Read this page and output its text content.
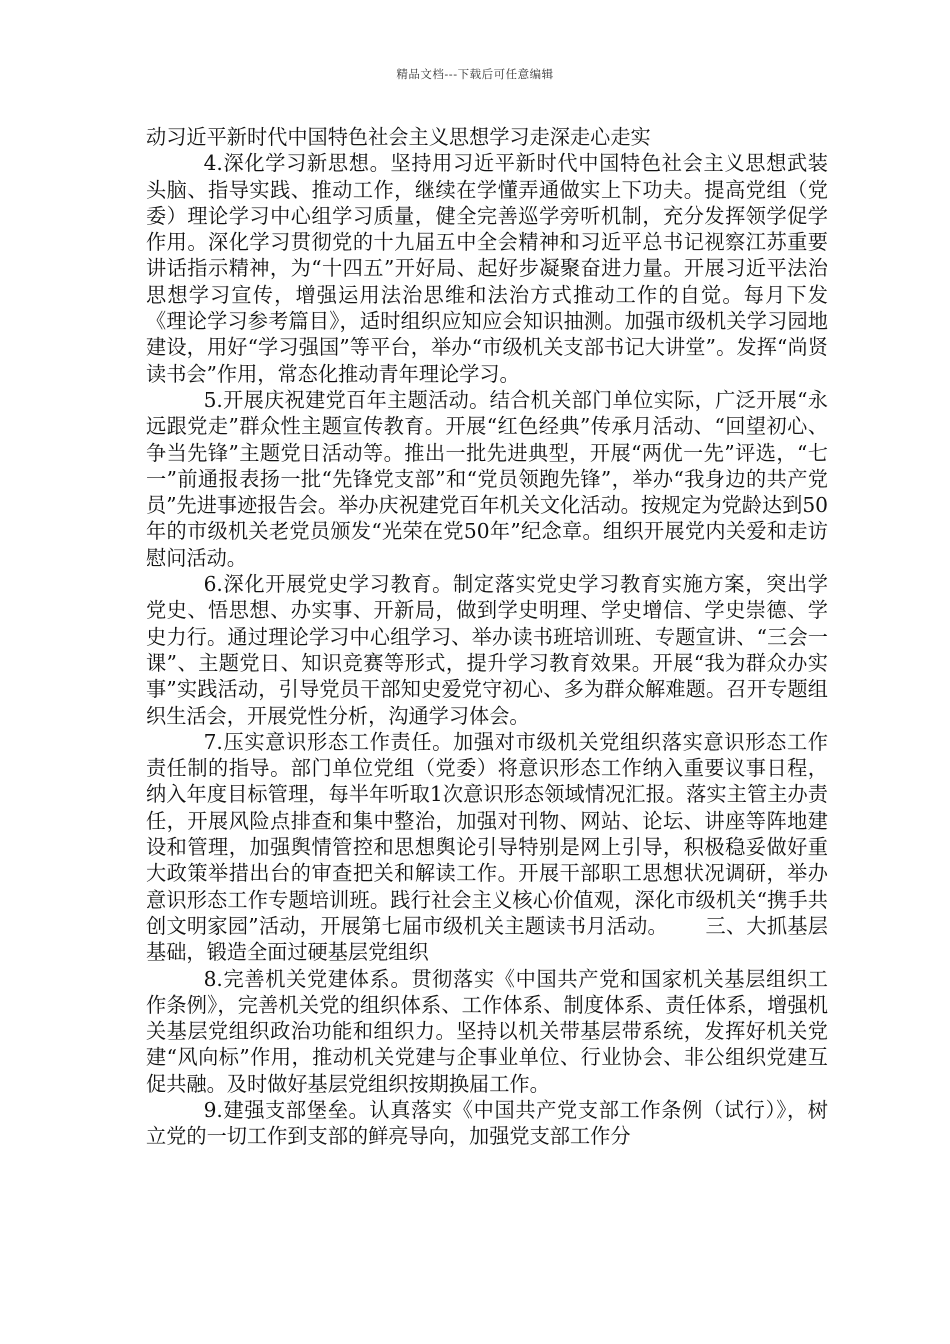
精品文档---下载后可任意编辑

动习近平新时代中国特色社会主义思想学习走深走心走实

4.深化学习新思想。坚持用习近平新时代中国特色社会主义思想武装头脑、指导实践、推动工作，继续在学懂弄通做实上下功夫。提高党组（党委）理论学习中心组学习质量，健全完善巡学旁听机制，充分发挥领学促学作用。深化学习贯彻党的十九届五中全会精神和习近平总书记视察江苏重要讲话指示精神，为“十四五”开好局、起好步凝聚奋进力量。开展习近平法治思想学习宣传，增强运用法治思维和法治方式推动工作的自觉。每月下发《理论学习参考篇目》，适时组织应知应会知识抽测。加强市级机关学习园地建设，用好“学习强国”等平台，举办“市级机关支部书记大讲堂”。发挥“尚贤读书会”作用，常态化推动青年理论学习。

5.开展庆祝建党百年主题活动。结合机关部门单位实际，广泛开展“永远跟党走”群众性主题宣传教育。开展“红色经典”传承月活动、“回望初心、争当先锋”主题党日活动等。推出一批先进典型，开展“两优一先”评选，“七一”前通报表扬一批“先锋党支部”和“党员领跑先锋”，举办“我身边的共产党员”先进事迹报告会。举办庆祝建党百年机关文化活动。按规定为党龄达到50年的市级机关老党员颁发“光荣在党50年”纪念章。组织开展党内关爱和走访慰问活动。

6.深化开展党史学习教育。制定落实党史学习教育实施方案，突出学党史、悟思想、办实事、开新局，做到学史明理、学史增信、学史崇德、学史力行。通过理论学习中心组学习、举办读书班培训班、专题宣讲、“三会一课”、主题党日、知识竞赛等形式，提升学习教育效果。开展“我为群众办实事”实践活动，引导党员干部知史爱党守初心、多为群众解难题。召开专题组织生活会，开展党性分析，沟通学习体会。

7.压实意识形态工作责任。加强对市级机关党组织落实意识形态工作责任制的指导。部门单位党组（党委）将意识形态工作纳入重要议事日程，纳入年度目标管理，每半年听取1次意识形态领域情况汇报。落实主管主办责任，开展风险点排查和集中整治，加强对刊物、网站、论坛、讲座等阵地建设和管理，加强舆情管控和思想舆论引导特别是网上引导，积极稳妥做好重大政策举措出台的审查把关和解读工作。开展干部职工思想状况调研，举办意识形态工作专题培训班。践行社会主义核心价值观，深化市级机关“携手共创文明家园”活动，开展第七届市级机关主题读书月活动。　　 三、大抓基层基础，锻造全面过硬基层党组织

8.完善机关党建体系。贯彻落实《中国共产党和国家机关基层组织工作条例》，完善机关党的组织体系、工作体系、制度体系、责任体系，增强机关基层党组织政治功能和组织力。坚持以机关带基层带系统，发挥好机关党建“风向标”作用，推动机关党建与企事业单位、行业协会、非公组织党建互促共融。及时做好基层党组织按期换届工作。

9.建强支部堡垒。认真落实《中国共产党支部工作条例（试行）》，树立党的一切工作到支部的鲜亮导向，加强党支部工作分
